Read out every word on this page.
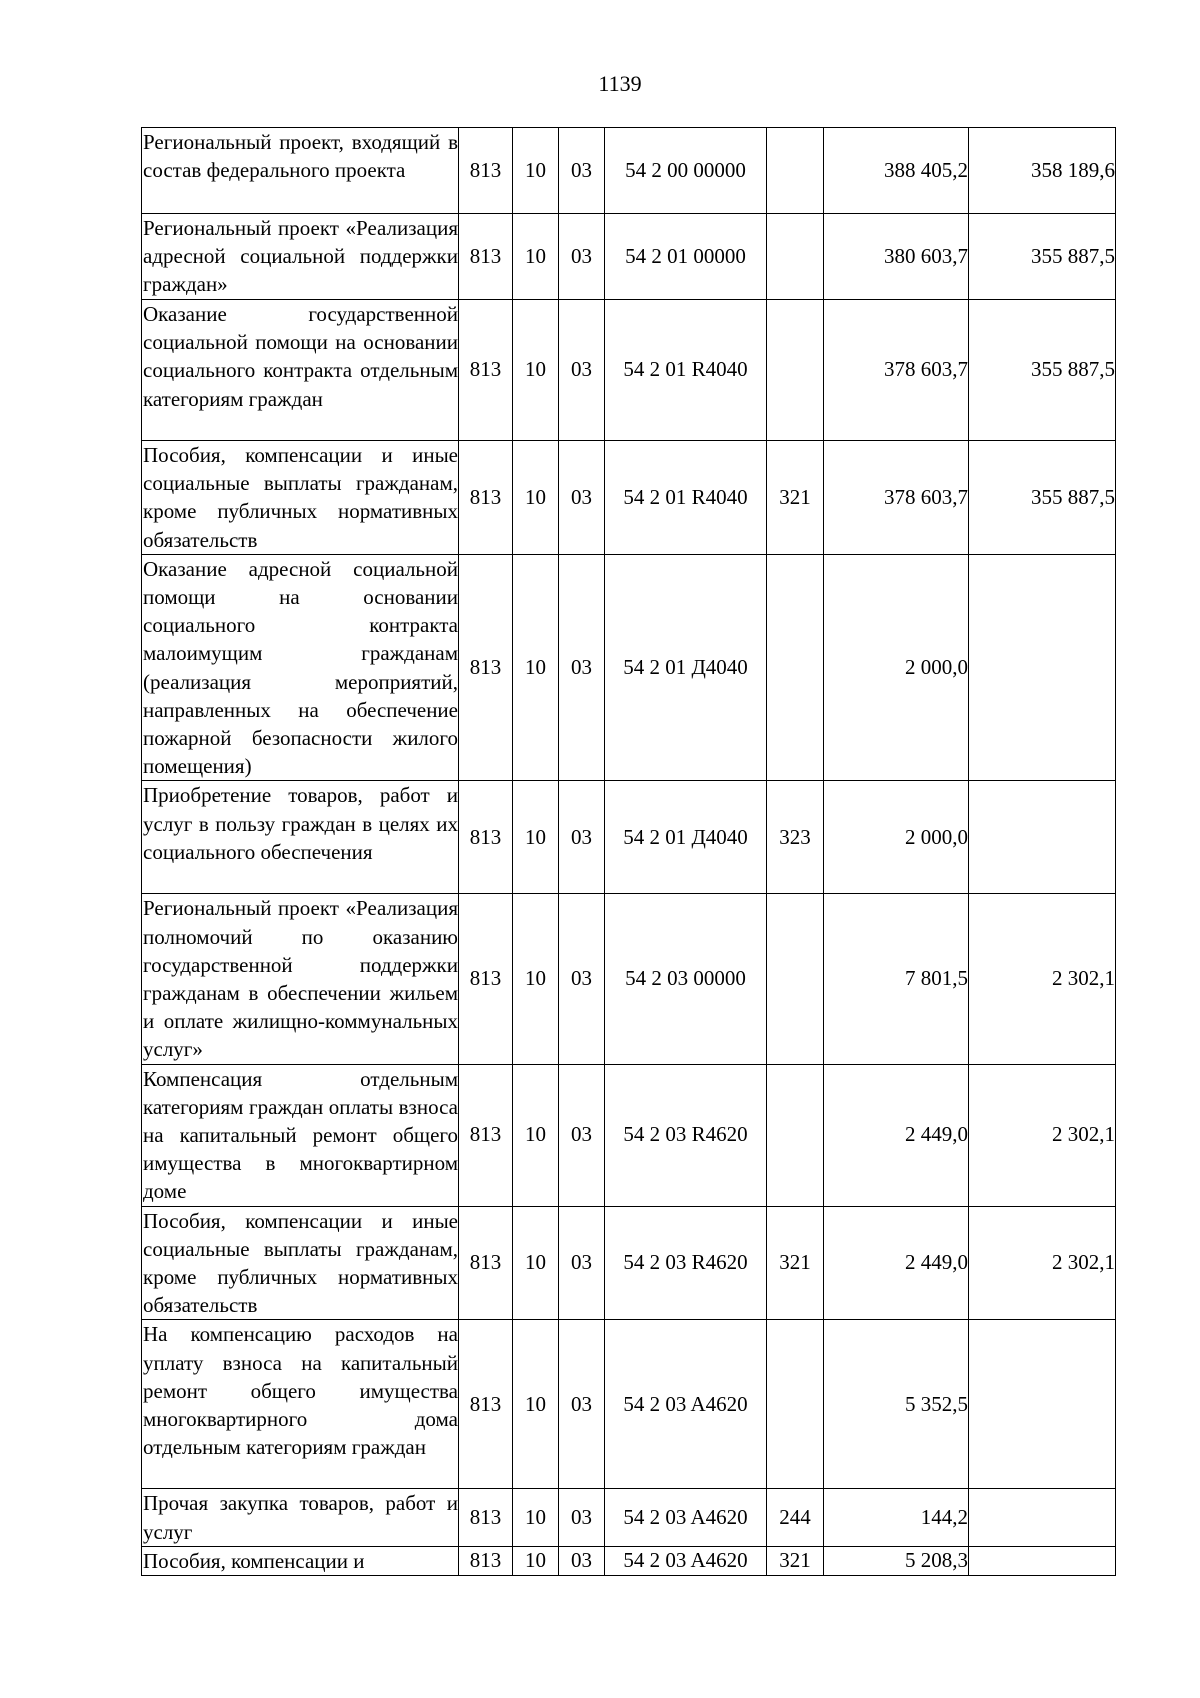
1139
Региональный проект, входящий в состав федерального проекта	813	10	03	54 2 00 00000		388 405,2	358 189,6
Региональный проект «Реализация адресной социальной поддержки граждан»	813	10	03	54 2 01 00000		380 603,7	355 887,5
Оказание государственной социальной помощи на основании социального контракта отдельным категориям граждан	813	10	03	54 2 01 R4040		378 603,7	355 887,5
Пособия, компенсации и иные социальные выплаты гражданам, кроме публичных нормативных обязательств	813	10	03	54 2 01 R4040	321	378 603,7	355 887,5
Оказание адресной социальной помощи на основании социального контракта малоимущим гражданам (реализация мероприятий, направленных на обеспечение пожарной безопасности жилого помещения)	813	10	03	54 2 01 Д4040		2 000,0	
Приобретение товаров, работ и услуг в пользу граждан в целях их социального обеспечения	813	10	03	54 2 01 Д4040	323	2 000,0	
Региональный проект «Реализация полномочий по оказанию государственной поддержки гражданам в обеспечении жильем и оплате жилищно-коммунальных услуг»	813	10	03	54 2 03 00000		7 801,5	2 302,1
Компенсация отдельным категориям граждан оплаты взноса на капитальный ремонт общего имущества в многоквартирном доме	813	10	03	54 2 03 R4620		2 449,0	2 302,1
Пособия, компенсации и иные социальные выплаты гражданам, кроме публичных нормативных обязательств	813	10	03	54 2 03 R4620	321	2 449,0	2 302,1
На компенсацию расходов на уплату взноса на капитальный ремонт общего имущества многоквартирного дома отдельным категориям граждан	813	10	03	54 2 03 A4620		5 352,5	
Прочая закупка товаров, работ и услуг	813	10	03	54 2 03 A4620	244	144,2	
Пособия, компенсации и	813	10	03	54 2 03 A4620	321	5 208,3	
